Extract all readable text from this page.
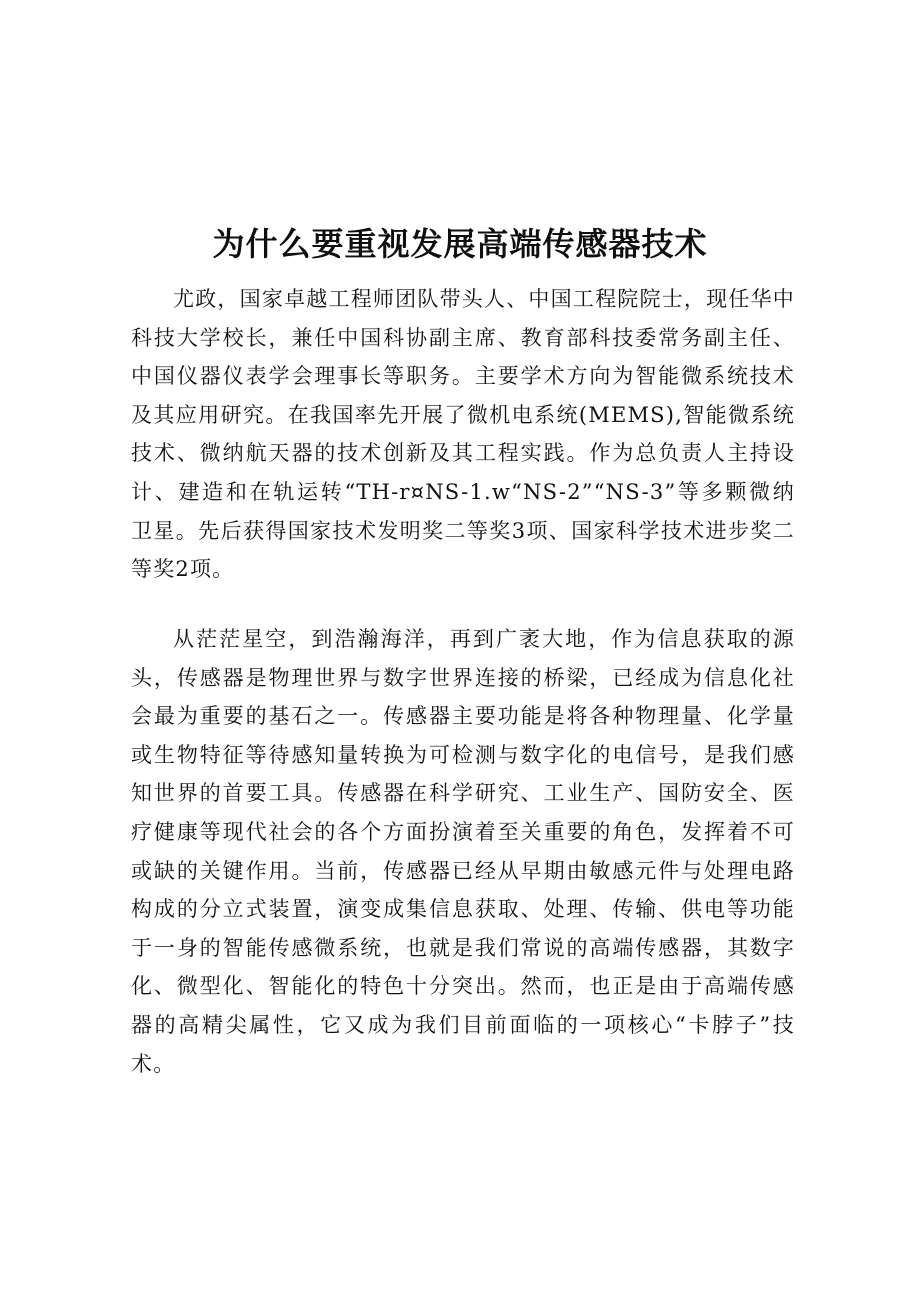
为什么要重视发展高端传感器技术

尤政，国家卓越工程师团队带头人、中国工程院院士，现任华中科技大学校长，兼任中国科协副主席、教育部科技委常务副主任、中国仪器仪表学会理事长等职务。主要学术方向为智能微系统技术及其应用研究。在我国率先开展了微机电系统(MEMS),智能微系统技术、微纳航天器的技术创新及其工程实践。作为总负责人主持设计、建造和在轨运转“TH-r¤NS-1.w“NS-2”“NS-3”等多颗微纳卫星。先后获得国家技术发明奖二等奖3项、国家科学技术进步奖二等奖2项。

从茫茫星空，到浩瀚海洋，再到广袤大地，作为信息获取的源头，传感器是物理世界与数字世界连接的桥梁，已经成为信息化社会最为重要的基石之一。传感器主要功能是将各种物理量、化学量或生物特征等待感知量转换为可检测与数字化的电信号，是我们感知世界的首要工具。传感器在科学研究、工业生产、国防安全、医疗健康等现代社会的各个方面扮演着至关重要的角色，发挥着不可或缺的关键作用。当前，传感器已经从早期由敏感元件与处理电路构成的分立式装置，演变成集信息获取、处理、传输、供电等功能于一身的智能传感微系统，也就是我们常说的高端传感器，其数字化、微型化、智能化的特色十分突出。然而，也正是由于高端传感器的高精尖属性，它又成为我们目前面临的一项核心“卡脖子”技术。
